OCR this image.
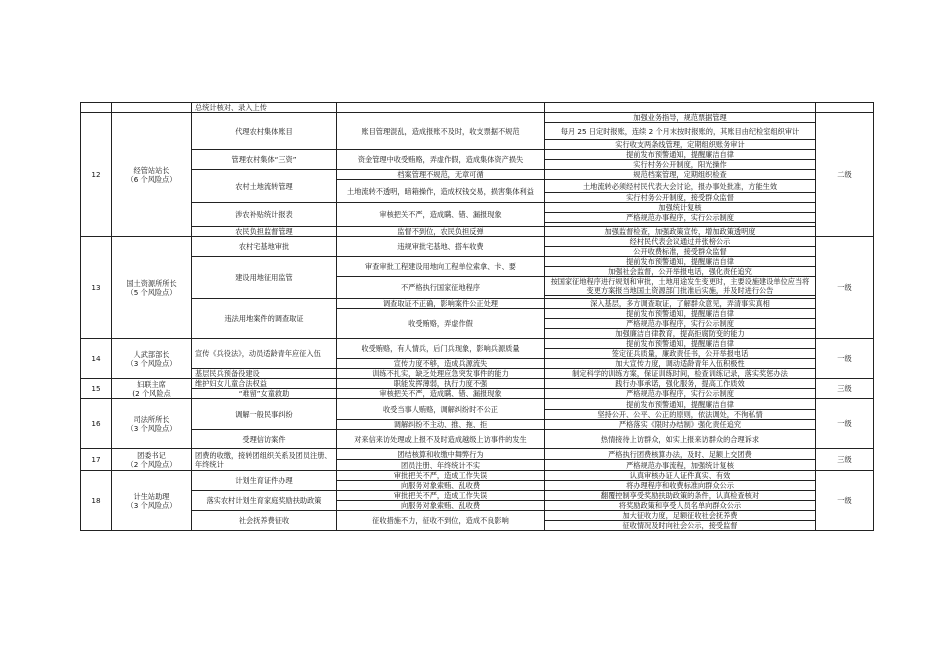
		总统计核对、录入上传			
12	经管站站长
（6 个风险点）	代理农村集体账目	账目管理混乱，造成报账不及时，收支票据不规范	加强业务指导，规范票据管理	二级
				每月 25 日定时报账，连续 2 个月末按时报账的，其账目由纪检室组织审计	
				实行收支两条线管理，定期组织账务审计	
		管理农村集体“三资”	资金管理中收受贿赂，弄虚作假，造成集体资产损失	提前发布预警通知，提醒廉洁自律	
				实行村务公开制度，阳光操作	
		农村土地流转管理	档案管理不规范，无章可循	规范档案管理，定期组织检查	
			土地流转不透明，暗箱操作，造成权钱交易，损害集体利益	土地流转必须经村民代表大会讨论，报办事处批准，方能生效	
				实行村务公开制度，接受群众监督	
		涉农补贴统计报表	审核把关不严，造成瞒、错、漏报现象	加强统计复核	
				严格规范办事程序，实行公示制度	

		农民负担监督管理	监督不到位，农民负担反弹	加强监督检查，加强政策宣传，增加政策透明度	
13	国土资源所所长
（5 个风险点）	农村宅基地审批	违规审批宅基地、搭车收费	经村民代表会议通过并张榜公示	一级
				公开收费标准，接受群众监督	
		建设用地征用监管	审查审批工程建设用地向工程单位索拿、卡、要	提前发布预警通知，提醒廉洁自律	
				加强社会监督，公开举报电话，强化责任追究	
			不严格执行国家征地程序	按国家征地程序进行规划和审批，土地用途发生变更时，主要设施建设单位应当将变更方案报当地国土资源部门批准后实施，并及时进行公告	

		违法用地案件的调查取证	调查取证不正确，影响案件公正处理	深入基层，多方调查取证，了解群众意见，弄清事实真相	
			收受贿赂，弄虚作假	提前发布预警通知，提醒廉洁自律	
				严格规范办事程序，实行公示制度	
				加强廉洁自律教育，提高拒腐防变的能力	
14	人武部部长
（3 个风险点）	宣传《兵役法》，动员适龄青年应征入伍	收受贿赂，有人情兵，后门兵现象，影响兵源质量	提前发布预警通知，提醒廉洁自律	一级
				签定征兵质量，廉政责任书，公开举报电话	
			宣传力度不够，造成兵源流失	加大宣传力度，调动适龄青年入伍积极性	
		基层民兵预备役建设	训练不扎实，缺乏处理应急突发事件的能力	制定科学的训练方案，保证训练时间，检查训练记录，落实奖惩办法	
15	妇联主席
(2 个风险点	维护妇女儿童合法权益	职能发挥薄弱，执行力度不强	践行办事承诺，强化服务，提高工作质效	三级
		“难留”女童救助	审核把关不严，造成瞒、错、漏报现象	严格规范办事程序，实行公示制度	
16	司法所所长
（3 个风险点）	调解一般民事纠纷	收受当事人贿赂，调解纠纷时不公正	提前发布预警通知，提醒廉洁自律	一级
				坚持公开、公平、公正的原则，依法调处，不徇私情	
			调解纠纷不主动、推、拖、拒	严格落实《限时办结制》强化责任追究	
		受理信访案件	对来信来访处理或上报不及时造成越级上访事件的发生	热情接待上访群众，如实上报来访群众的合理诉求	

17	团委书记
（2 个风险点）	团费的收缴，接转团组织关系及团员注册、年终统计	团结核算和收缴中舞弊行为	严格执行团费核算办法，及时、足额上交团费	三级
			团员注册、年终统计不实	严格规范办事流程，加强统计复核	
18	计生站助理
（3 个风险点）	计划生育证件办理	审批把关不严，造成工作失误	认真审核办证人证件真实、有效	一级
			向服务对象索贿、乱收费	将办理程序和收费标准向群众公示	
		落实农村计划生育家庭奖励扶助政策	审批把关不严，造成工作失误	翻覆控制享受奖励扶助政策的条件，认真检查核对	
			向服务对象索贿、乱收费	将奖励政策和享受人员名单向群众公示	
		社会抚养费征收	征收措施不力，征收不到位，造成不良影响	加大征收力度，足额征收社会抚养费	
				征收情况及时向社会公示，接受监督	
